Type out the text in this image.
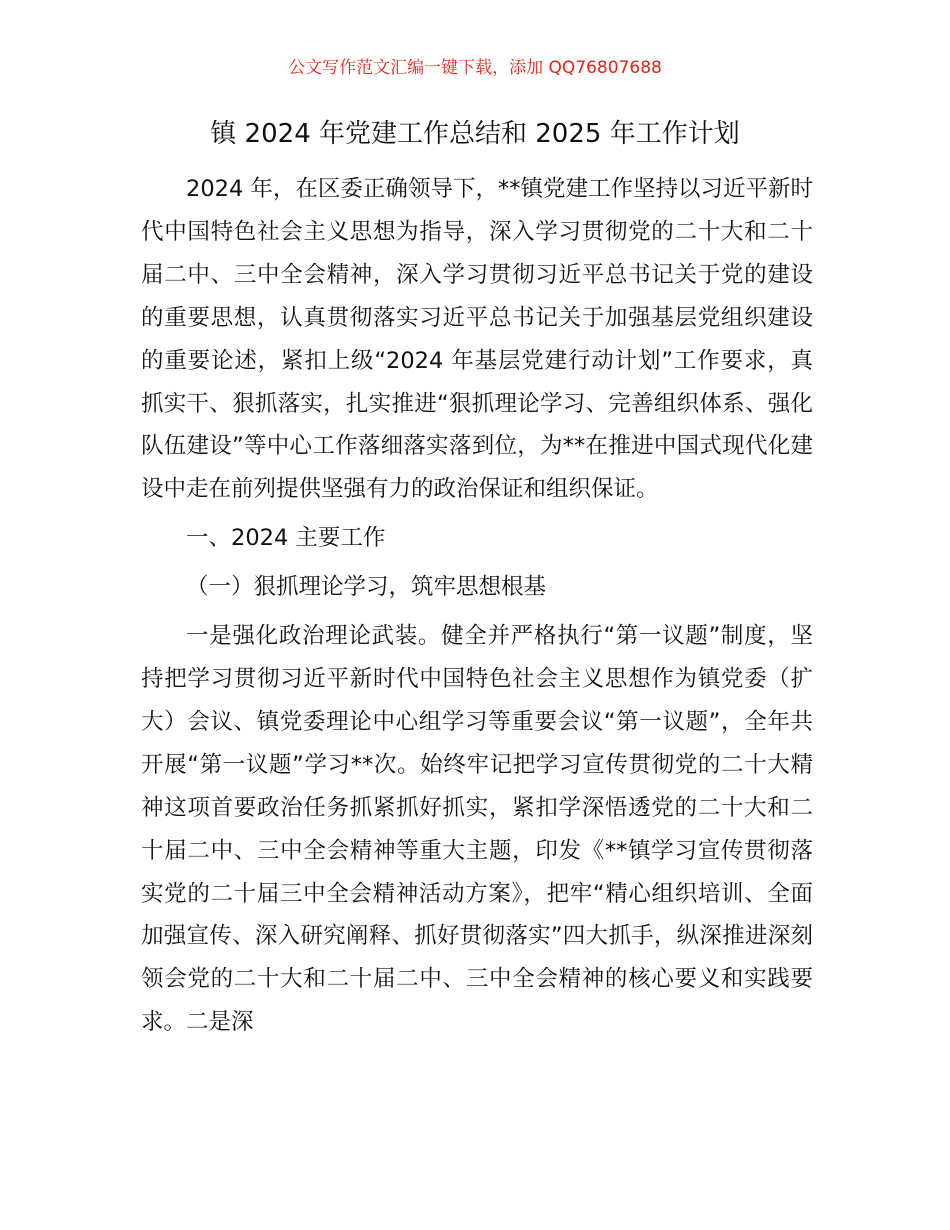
公文写作范文汇编一键下载，添加 QQ76807688
镇 2024 年党建工作总结和 2025 年工作计划

2024 年，在区委正确领导下，**镇党建工作坚持以习近平新时代中国特色社会主义思想为指导，深入学习贯彻党的二十大和二十届二中、三中全会精神，深入学习贯彻习近平总书记关于党的建设的重要思想，认真贯彻落实习近平总书记关于加强基层党组织建设的重要论述，紧扣上级“2024 年基层党建行动计划”工作要求，真抓实干、狠抓落实，扎实推进“狠抓理论学习、完善组织体系、强化队伍建设”等中心工作落细落实落到位，为**在推进中国式现代化建设中走在前列提供坚强有力的政治保证和组织保证。

一、2024 主要工作

（一）狠抓理论学习，筑牢思想根基

一是强化政治理论武装。健全并严格执行“第一议题”制度，坚持把学习贯彻习近平新时代中国特色社会主义思想作为镇党委（扩大）会议、镇党委理论中心组学习等重要会议“第一议题”，全年共开展“第一议题”学习**次。始终牢记把学习宣传贯彻党的二十大精神这项首要政治任务抓紧抓好抓实，紧扣学深悟透党的二十大和二十届二中、三中全会精神等重大主题，印发《**镇学习宣传贯彻落实党的二十届三中全会精神活动方案》，把牢“精心组织培训、全面加强宣传、深入研究阐释、抓好贯彻落实”四大抓手，纵深推进深刻领会党的二十大和二十届二中、三中全会精神的核心要义和实践要求。二是深
